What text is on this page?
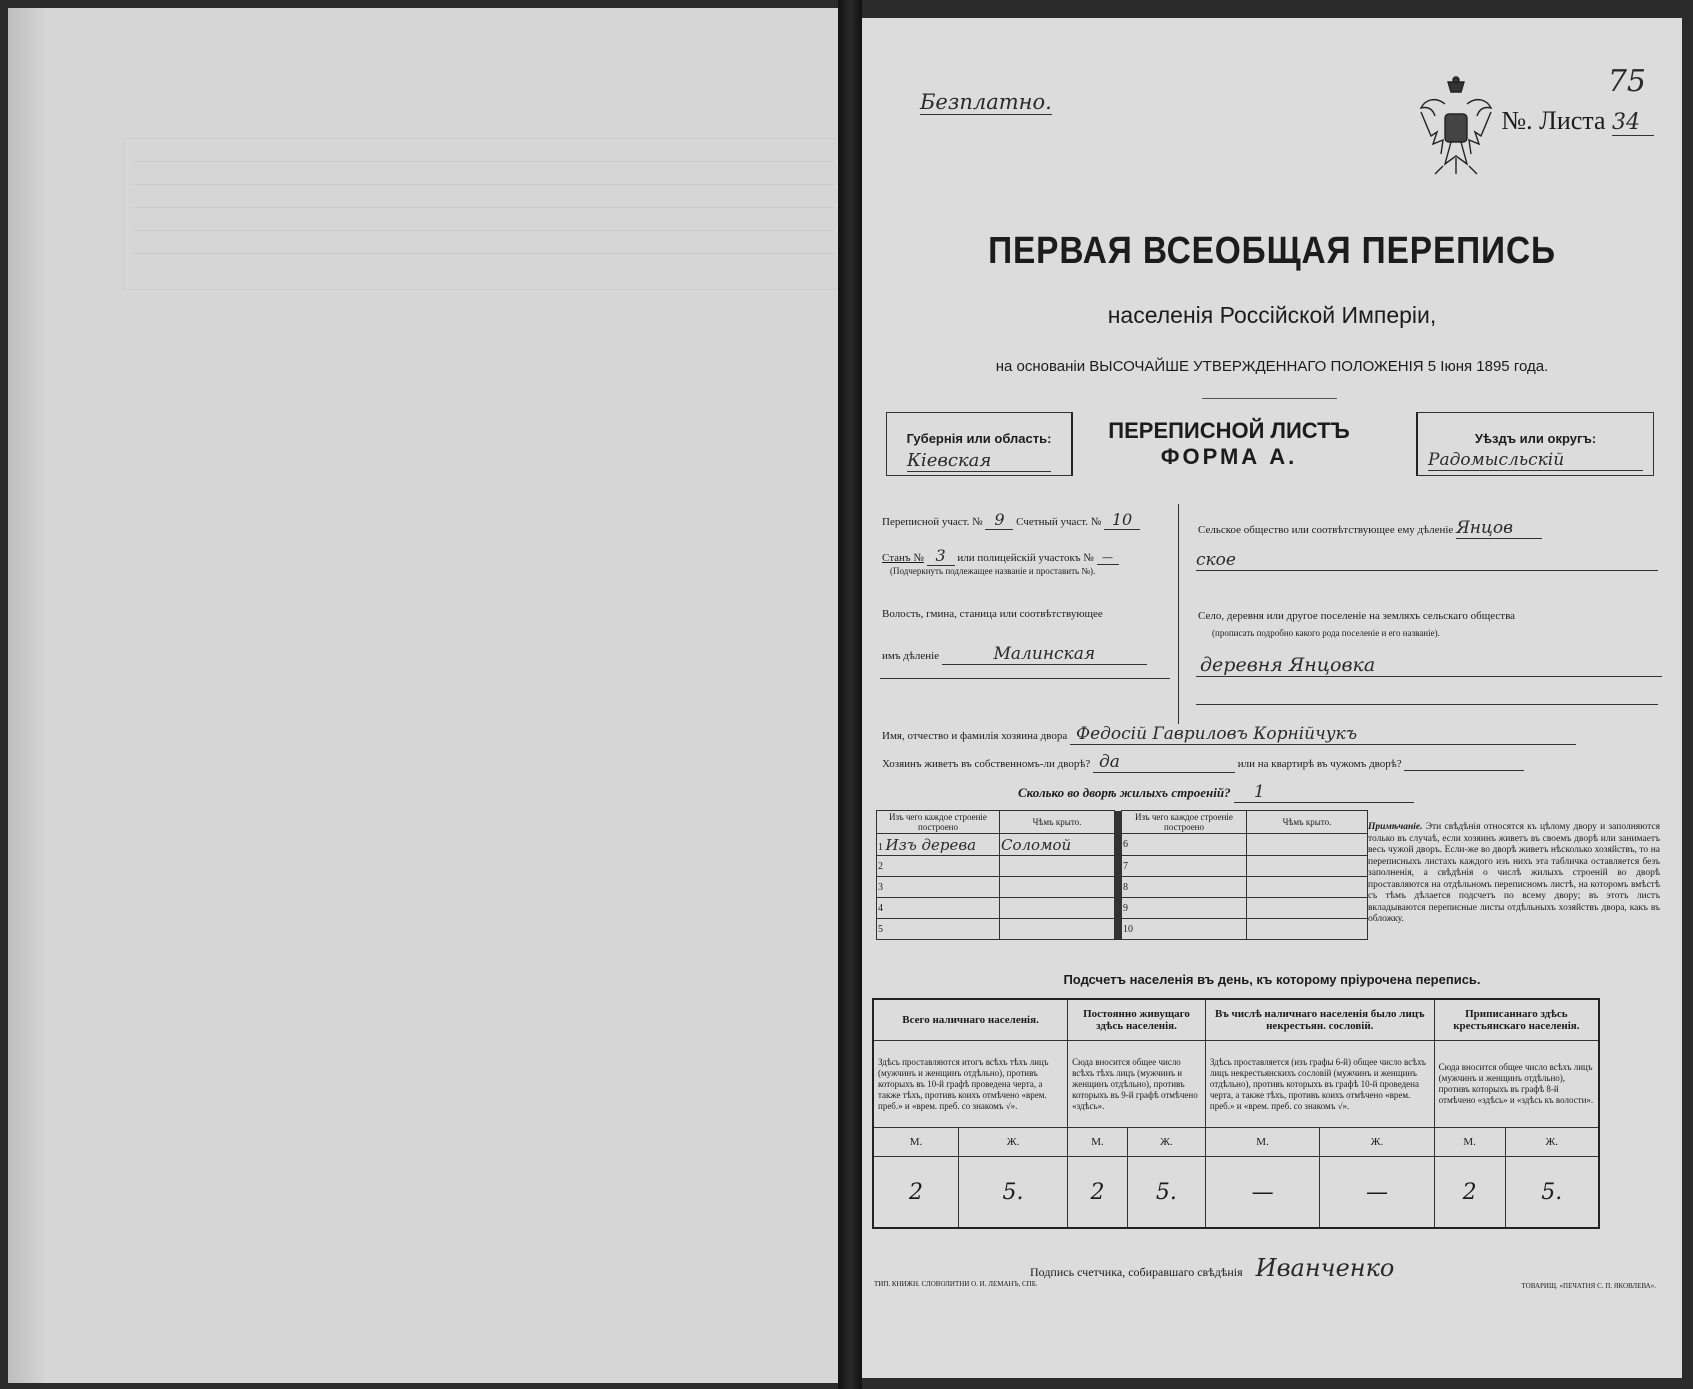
Безплатно.
№. Листа 34
75
ПЕРВАЯ ВСЕОБЩАЯ ПЕРЕПИСЬ
населенія Россійской Имперіи,
на основаніи ВЫСОЧАЙШЕ УТВЕРЖДЕННАГО ПОЛОЖЕНІЯ 5 Іюня 1895 года.
Губернія или область:
Кіевская
ПЕРЕПИСНОЙ ЛИСТЪ
ФОРМА А.
Уѣздъ или округъ:
Радомысльскій
Переписной участ. № 9 Счетный участ. № 10
Станъ № 3 или полицейскій участокъ № —
(Подчеркнуть подлежащее названіе и проставить №).
Волость, гмина, станица или соотвѣтствующее
имъ дѣленіе	Малинская
Сельское общество или соотвѣтствующее ему дѣленіе Янцов
ское
Село, деревня или другое поселеніе на земляхъ сельскаго общества
(прописать подробно какого рода поселеніе и его названіе).
деревня Янцовка
Имя, отчество и фамилія хозяина двора Федосій Гавриловъ Корнійчукъ
Хозяинъ живетъ въ собственномъ-ли дворѣ? да	или на квартирѣ въ чужомъ дворѣ?
Сколько во дворѣ жилыхъ строеній? 1
Изъ чего каждое строеніе построено	Чѣмъ крыто.		Изъ чего каждое строеніе построено	Чѣмъ крыто.
1 Изъ деревa	Соломой		6	
2			7	
3			8	
4			9	
5			10	
Примѣчаніе. Эти свѣдѣнія относятся къ цѣлому двору и заполняются только въ случаѣ, если хозяинъ живетъ въ своемъ дворѣ или занимаетъ весь чужой дворъ. Если-же во дворѣ живетъ нѣсколько хозяйствъ, то на переписныхъ листахъ каждого изъ нихъ эта табличка оставляется безъ заполненія, а свѣдѣнія о числѣ жилыхъ строеній во дворѣ проставляются на отдѣльномъ переписномъ листѣ, на которомъ вмѣстѣ съ тѣмъ дѣлается подсчетъ по всему двору; въ этотъ листъ вкладываются переписные листы отдѣльныхъ хозяйствъ двора, какъ въ обложку.
Подсчетъ населенія въ день, къ которому пріурочена перепись.
Всего наличнаго населенія.		Постоянно живущаго здѣсь населенія.		Въ числѣ наличнаго населенія было лицъ некрестьян. сословій.		Приписаннаго здѣсь крестьянскаго населенія.	
Здѣсь проставляются итогъ всѣхъ тѣхъ лицъ (мужчинъ и женщинъ отдѣльно), противъ которыхъ въ 10-й графѣ проведена черта, а также тѣхъ, противъ коихъ отмѣчено «врем. преб.» и «врем. преб. со знакомъ √».		Сюда вносится общее число всѣхъ тѣхъ лицъ (мужчинъ и женщинъ отдѣльно), противъ которыхъ въ 9-й графѣ отмѣчено «здѣсь».		Здѣсь проставляется (изъ графы 6-й) общее число всѣхъ лицъ некрестьянскихъ сословій (мужчинъ и женщинъ отдѣльно), противъ которыхъ въ графѣ 10-й проведена черта, а также тѣхъ, противъ коихъ отмѣчено «врем. преб.» и «врем. преб. со знакомъ √».		Сюда вносится общее число всѣхъ лицъ (мужчинъ и женщинъ отдѣльно), противъ которыхъ въ графѣ 8-й отмѣчено «здѣсь» и «здѣсь къ волости».	
М.	Ж.	М.	Ж.	М.	Ж.	М.	Ж.
2	5.	2	5.	—	—	2	5.
Подпись счетчика, собиравшаго свѣдѣнія Иванченко
ТИП. КНИЖН. СЛОВОЛИТНИ О. И. ЛЕМАНЪ, СПБ.	ТОВАРИЩ. «ПЕЧАТНЯ С. П. ЯКОВЛЕВА».
